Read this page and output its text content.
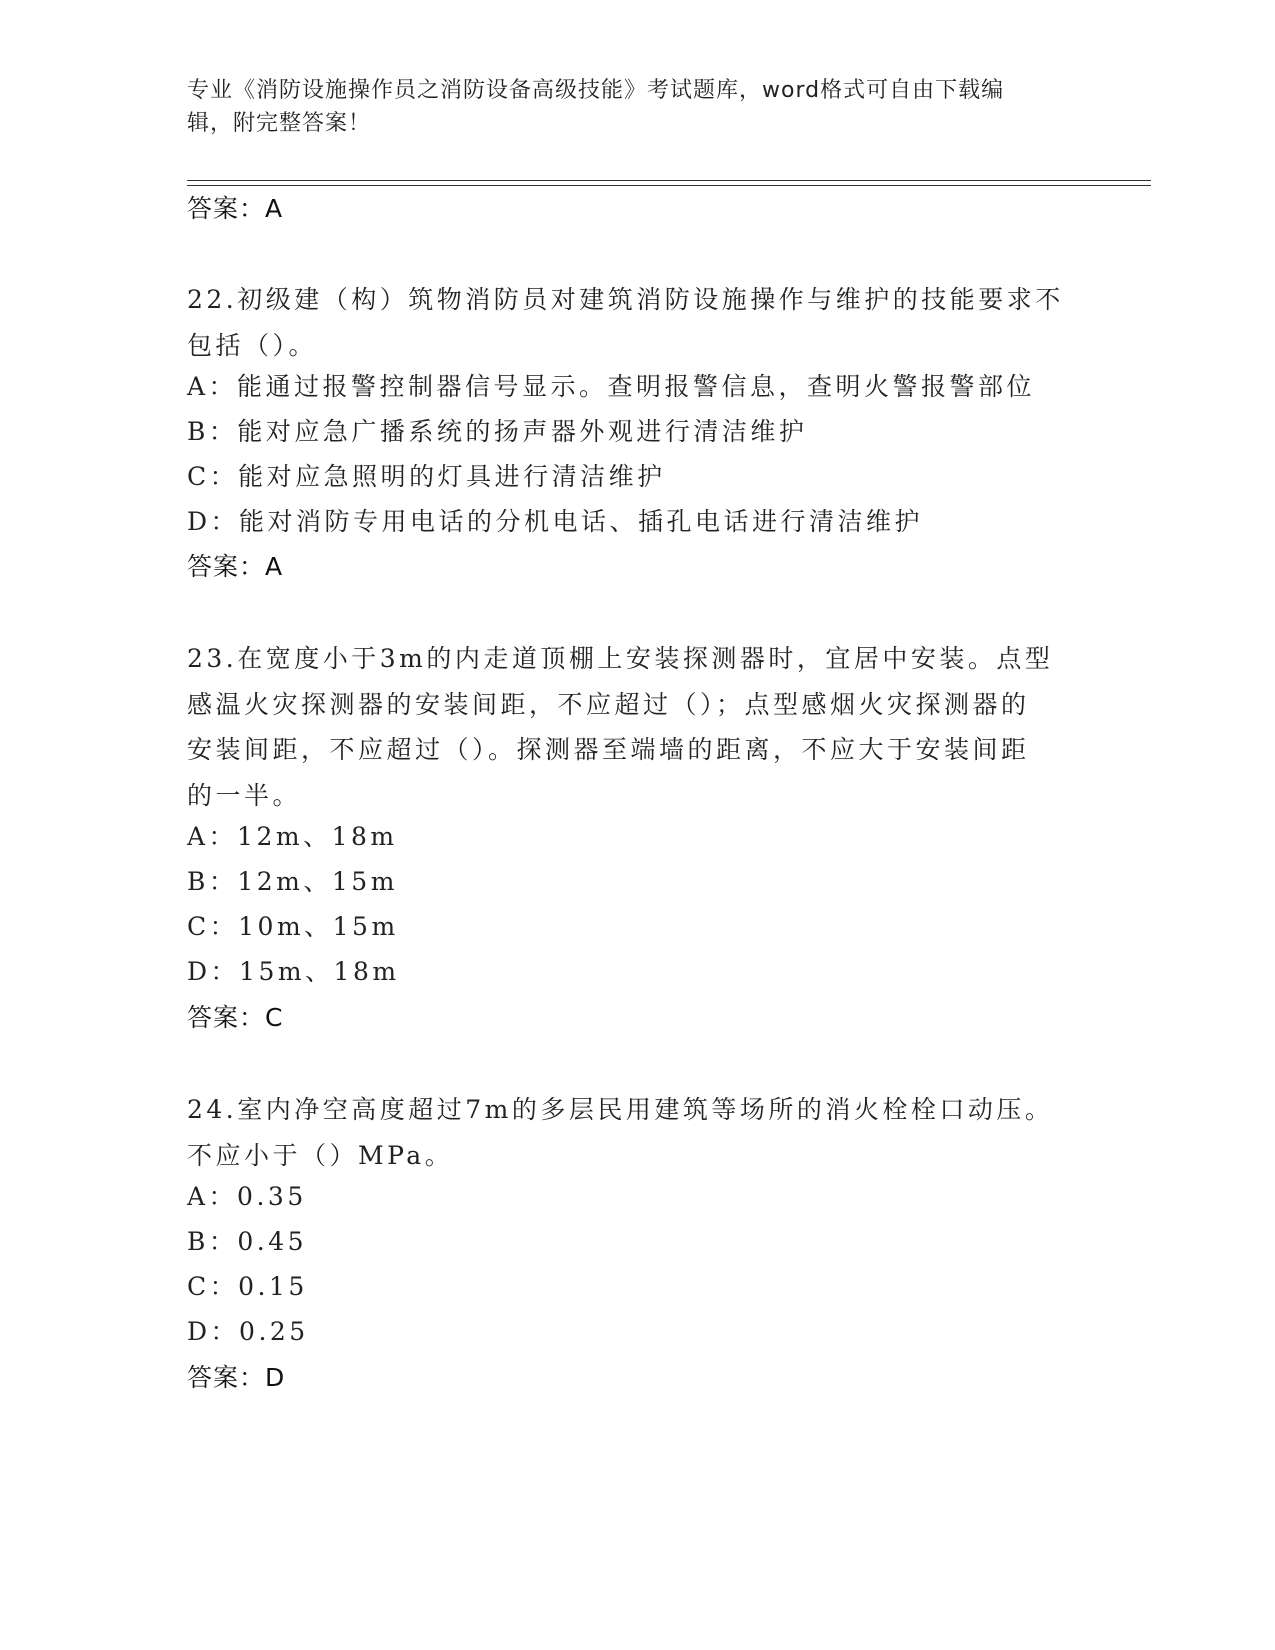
专业《消防设施操作员之消防设备高级技能》考试题库，word格式可自由下载编
辑，附完整答案！
答案：A
22.初级建（构）筑物消防员对建筑消防设施操作与维护的技能要求不
包括（）。
A：能通过报警控制器信号显示。查明报警信息，查明火警报警部位
B：能对应急广播系统的扬声器外观进行清洁维护
C：能对应急照明的灯具进行清洁维护
D：能对消防专用电话的分机电话、插孔电话进行清洁维护
答案：A
23.在宽度小于3m的内走道顶棚上安装探测器时，宜居中安装。点型
感温火灾探测器的安装间距，不应超过（）；点型感烟火灾探测器的
安装间距，不应超过（）。探测器至端墙的距离，不应大于安装间距
的一半。
A：12m、18m
B：12m、15m
C：10m、15m
D：15m、18m
答案：C
24.室内净空高度超过7m的多层民用建筑等场所的消火栓栓口动压。
不应小于（）MPa。
A：0.35
B：0.45
C：0.15
D：0.25
答案：D
